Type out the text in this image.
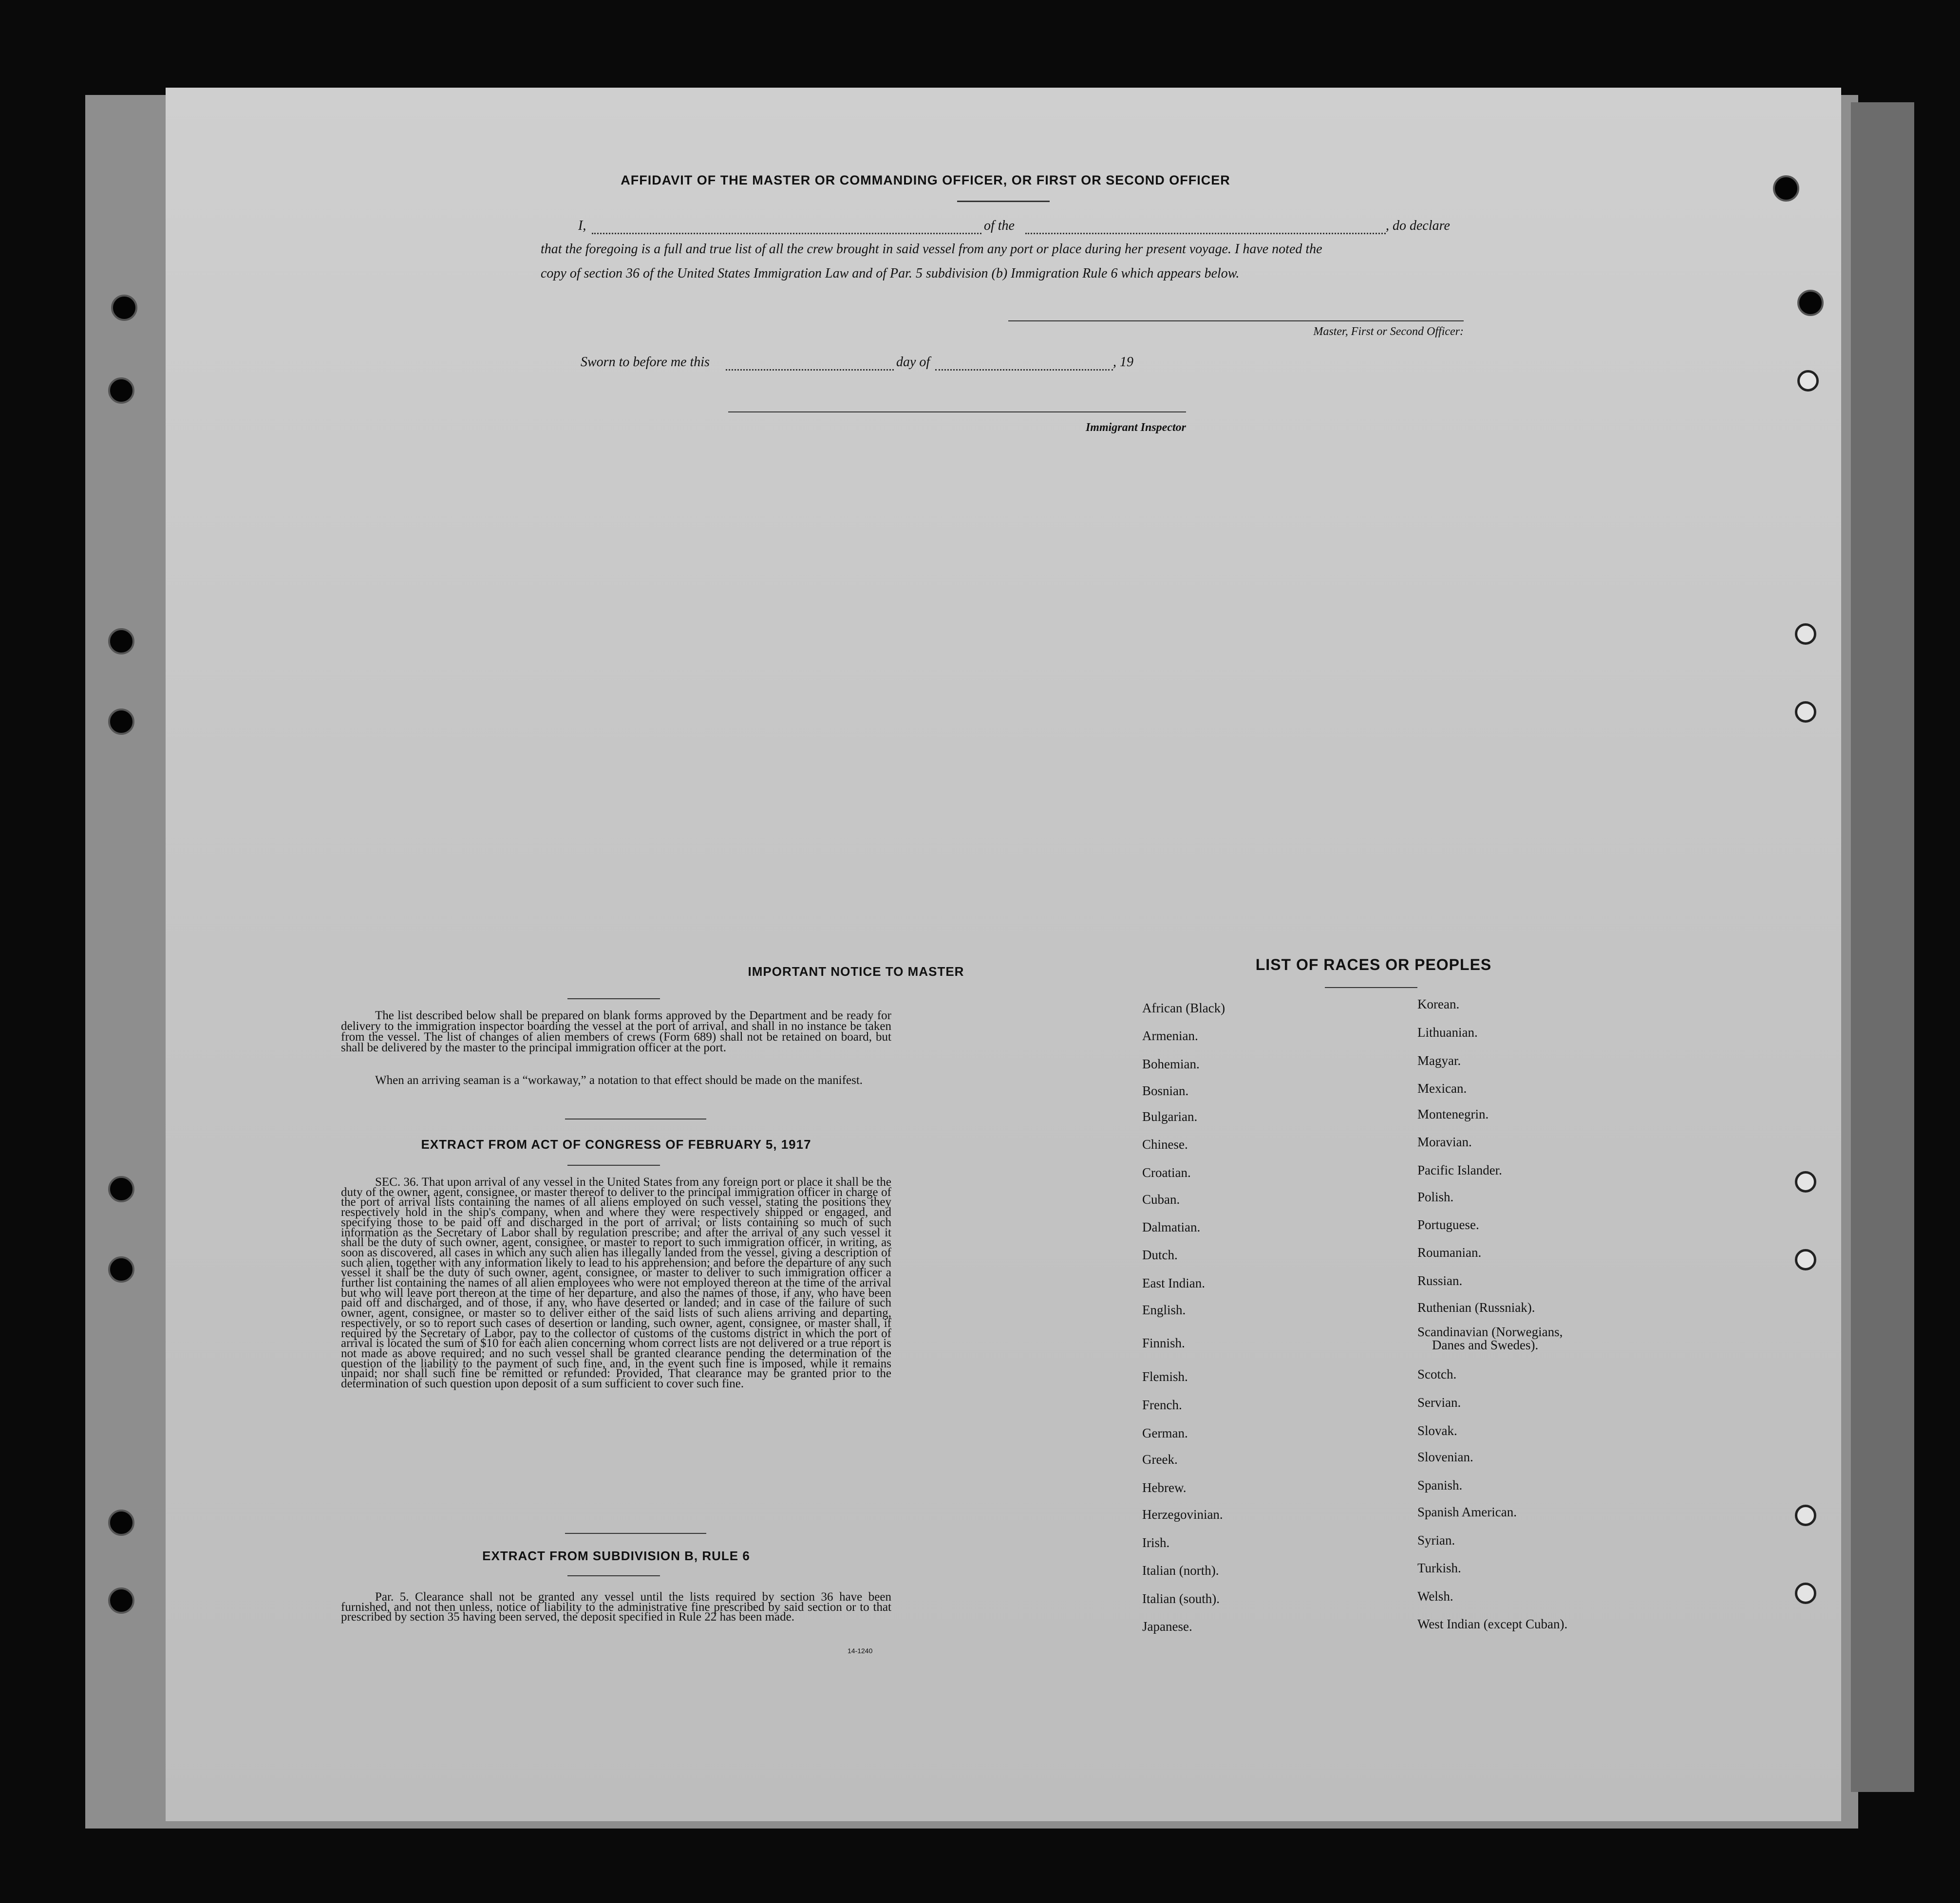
AFFIDAVIT OF THE MASTER OR COMMANDING OFFICER, OR FIRST OR SECOND OFFICER
I,	of the	, do declare
that the foregoing is a full and true list of all the crew brought in said vessel from any port or place during her present voyage. I have noted the
copy of section 36 of the United States Immigration Law and of Par. 5 subdivision (b) Immigration Rule 6 which appears below.
Master, First or Second Officer:
Sworn to before me this	day of	, 19
Immigrant Inspector
IMPORTANT NOTICE TO MASTER
The list described below shall be prepared on blank forms approved by the Department and be ready for delivery to the immigration inspector boarding the vessel at the port of arrival, and shall in no instance be taken from the vessel. The list of changes of alien members of crews (Form 689) shall not be retained on board, but shall be delivered by the master to the principal immigration officer at the port.
When an arriving seaman is a “workaway,” a notation to that effect should be made on the manifest.
EXTRACT FROM ACT OF CONGRESS OF FEBRUARY 5, 1917
SEC. 36. That upon arrival of any vessel in the United States from any foreign port or place it shall be the duty of the owner, agent, consignee, or master thereof to deliver to the principal immigration officer in charge of the port of arrival lists containing the names of all aliens employed on such vessel, stating the positions they respectively hold in the ship's company, when and where they were respectively shipped or engaged, and specifying those to be paid off and discharged in the port of arrival; or lists containing so much of such information as the Secretary of Labor shall by regulation prescribe; and after the arrival of any such vessel it shall be the duty of such owner, agent, consignee, or master to report to such immigration officer, in writing, as soon as discovered, all cases in which any such alien has illegally landed from the vessel, giving a description of such alien, together with any information likely to lead to his apprehension; and before the departure of any such vessel it shall be the duty of such owner, agent, consignee, or master to deliver to such immigration officer a further list containing the names of all alien employees who were not employed thereon at the time of the arrival but who will leave port thereon at the time of her departure, and also the names of those, if any, who have been paid off and discharged, and of those, if any, who have deserted or landed; and in case of the failure of such owner, agent, consignee, or master so to deliver either of the said lists of such aliens arriving and departing, respectively, or so to report such cases of desertion or landing, such owner, agent, consignee, or master shall, if required by the Secretary of Labor, pay to the collector of customs of the customs district in which the port of arrival is located the sum of $10 for each alien concerning whom correct lists are not delivered or a true report is not made as above required; and no such vessel shall be granted clearance pending the determination of the question of the liability to the payment of such fine, and, in the event such fine is imposed, while it remains unpaid; nor shall such fine be remitted or refunded: Provided, That clearance may be granted prior to the determination of such question upon deposit of a sum sufficient to cover such fine.
EXTRACT FROM SUBDIVISION B, RULE 6
Par. 5. Clearance shall not be granted any vessel until the lists required by section 36 have been furnished, and not then unless, notice of liability to the administrative fine prescribed by said section or to that prescribed by section 35 having been served, the deposit specified in Rule 22 has been made.
14-1240
LIST OF RACES OR PEOPLES
African (Black)
Armenian.
Bohemian.
Bosnian.
Bulgarian.
Chinese.
Croatian.
Cuban.
Dalmatian.
Dutch.
East Indian.
English.
Finnish.
Flemish.
French.
German.
Greek.
Hebrew.
Herzegovinian.
Irish.
Italian (north).
Italian (south).
Japanese.
Korean.
Lithuanian.
Magyar.
Mexican.
Montenegrin.
Moravian.
Pacific Islander.
Polish.
Portuguese.
Roumanian.
Russian.
Ruthenian (Russniak).
Scandinavian (Norwegians,
Danes and Swedes).
Scotch.
Servian.
Slovak.
Slovenian.
Spanish.
Spanish American.
Syrian.
Turkish.
Welsh.
West Indian (except Cuban).
